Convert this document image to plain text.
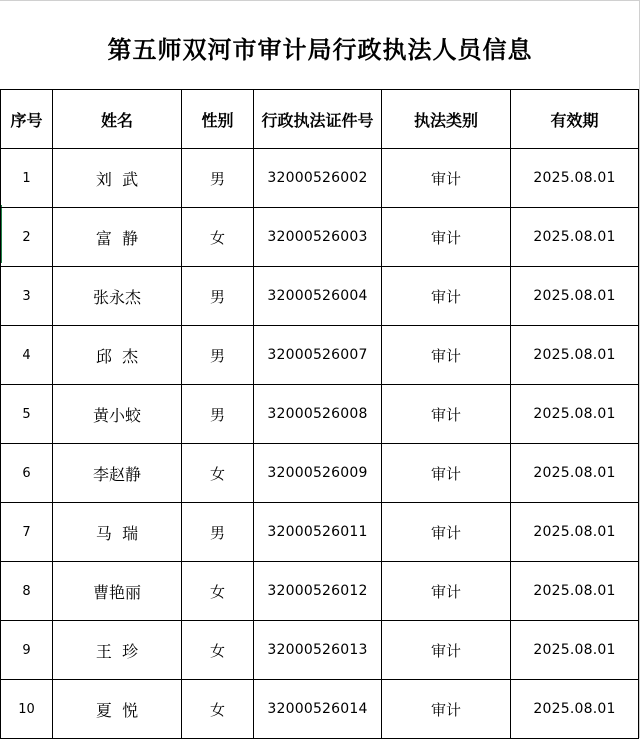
第五师双河市审计局行政执法人员信息
序号	姓名	性别	行政执法证件号	执法类别	有效期
1	刘  武	男	32000526002	审计	2025.08.01
2	富  静	女	32000526003	审计	2025.08.01
3	张永杰	男	32000526004	审计	2025.08.01
4	邱  杰	男	32000526007	审计	2025.08.01
5	黄小蛟	男	32000526008	审计	2025.08.01
6	李赵静	女	32000526009	审计	2025.08.01
7	马  瑞	男	32000526011	审计	2025.08.01
8	曹艳丽	女	32000526012	审计	2025.08.01
9	王  珍	女	32000526013	审计	2025.08.01
10	夏  悦	女	32000526014	审计	2025.08.01
